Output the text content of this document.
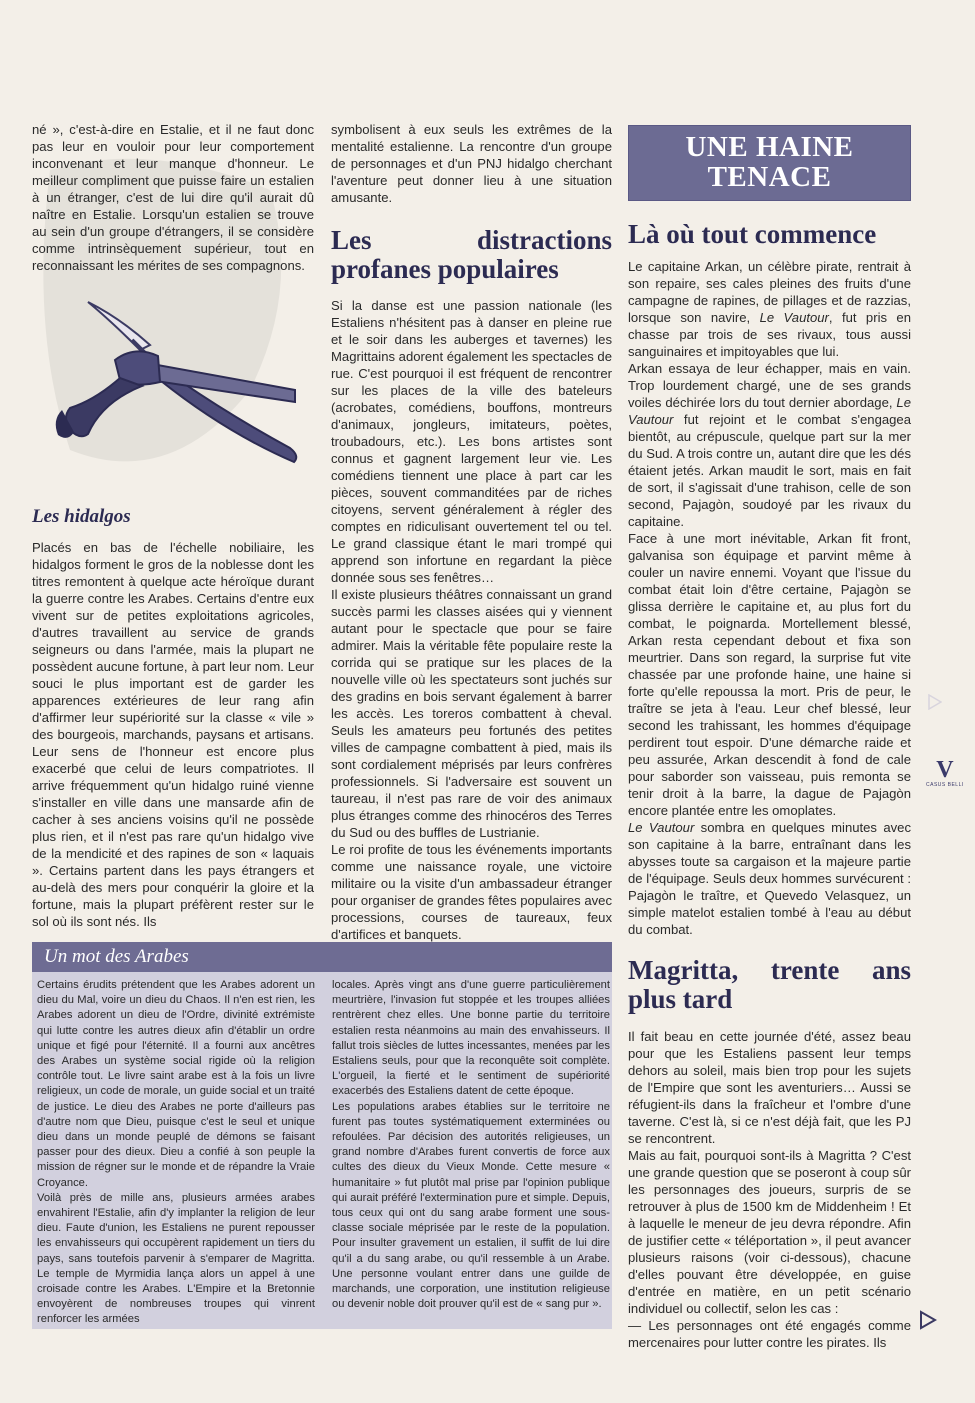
né », c'est-à-dire en Estalie, et il ne faut donc pas leur en vouloir pour leur comportement inconvenant et leur manque d'honneur. Le meilleur compliment que puisse faire un estalien à un étranger, c'est de lui dire qu'il aurait dû naître en Estalie. Lorsqu'un estalien se trouve au sein d'un groupe d'étrangers, il se considère comme intrinsèquement supérieur, tout en reconnaissant les mérites de ses compagnons.

Les hidalgos

Placés en bas de l'échelle nobiliaire, les hidalgos forment le gros de la noblesse dont les titres remontent à quelque acte héroïque durant la guerre contre les Arabes. Certains d'entre eux vivent sur de petites exploitations agricoles, d'autres travaillent au service de grands seigneurs ou dans l'armée, mais la plupart ne possèdent aucune fortune, à part leur nom. Leur souci le plus important est de garder les apparences extérieures de leur rang afin d'affirmer leur supériorité sur la classe « vile » des bourgeois, marchands, paysans et artisans. Leur sens de l'honneur est encore plus exacerbé que celui de leurs compatriotes. Il arrive fréquemment qu'un hidalgo ruiné vienne s'installer en ville dans une mansarde afin de cacher à ses anciens voisins qu'il ne possède plus rien, et il n'est pas rare qu'un hidalgo vive de la mendicité et des rapines de son « laquais ». Certains partent dans les pays étrangers et au-delà des mers pour conquérir la gloire et la fortune, mais la plupart préfèrent rester sur le sol où ils sont nés. Ils

symbolisent à eux seuls les extrêmes de la mentalité estalienne. La rencontre d'un groupe de personnages et d'un PNJ hidalgo cherchant l'aventure peut donner lieu à une situation amusante.

Les distractions profanes populaires

Si la danse est une passion nationale (les Estaliens n'hésitent pas à danser en pleine rue et le soir dans les auberges et tavernes) les Magrittains adorent également les spectacles de rue. C'est pourquoi il est fréquent de rencontrer sur les places de la ville des bateleurs (acrobates, comédiens, bouffons, montreurs d'animaux, jongleurs, imitateurs, poètes, troubadours, etc.). Les bons artistes sont connus et gagnent largement leur vie. Les comédiens tiennent une place à part car les pièces, souvent commanditées par de riches citoyens, servent généralement à régler des comptes en ridiculisant ouvertement tel ou tel. Le grand classique étant le mari trompé qui apprend son infortune en regardant la pièce donnée sous ses fenêtres…

Il existe plusieurs théâtres connaissant un grand succès parmi les classes aisées qui y viennent autant pour le spectacle que pour se faire admirer. Mais la véritable fête populaire reste la corrida qui se pratique sur les places de la nouvelle ville où les spectateurs sont juchés sur des gradins en bois servant également à barrer les accès. Les toreros combattent à cheval. Seuls les amateurs peu fortunés des petites villes de campagne combattent à pied, mais ils sont cordialement méprisés par leurs confrères professionnels. Si l'adversaire est souvent un taureau, il n'est pas rare de voir des animaux plus étranges comme des rhinocéros des Terres du Sud ou des buffles de Lustrianie.

Le roi profite de tous les événements importants comme une naissance royale, une victoire militaire ou la visite d'un ambassadeur étranger pour organiser de grandes fêtes populaires avec processions, courses de taureaux, feux d'artifices et banquets.

UNE HAINE TENACE
Là où tout commence

Le capitaine Arkan, un célèbre pirate, rentrait à son repaire, ses cales pleines des fruits d'une campagne de rapines, de pillages et de razzias, lorsque son navire, Le Vautour, fut pris en chasse par trois de ses rivaux, tous aussi sanguinaires et impitoyables que lui.

Arkan essaya de leur échapper, mais en vain. Trop lourdement chargé, une de ses grands voiles déchirée lors du tout dernier abordage, Le Vautour fut rejoint et le combat s'engagea bientôt, au crépuscule, quelque part sur la mer du Sud. A trois contre un, autant dire que les dés étaient jetés. Arkan maudit le sort, mais en fait de sort, il s'agissait d'une trahison, celle de son second, Pajagòn, soudoyé par les rivaux du capitaine.

Face à une mort inévitable, Arkan fit front, galvanisa son équipage et parvint même à couler un navire ennemi. Voyant que l'issue du combat était loin d'être certaine, Pajagòn se glissa derrière le capitaine et, au plus fort du combat, le poignarda. Mortellement blessé, Arkan resta cependant debout et fixa son meurtrier. Dans son regard, la surprise fut vite chassée par une profonde haine, une haine si forte qu'elle repoussa la mort. Pris de peur, le traître se jeta à l'eau. Leur chef blessé, leur second les trahissant, les hommes d'équipage perdirent tout espoir. D'une démarche raide et peu assurée, Arkan descendit à fond de cale pour saborder son vaisseau, puis remonta se tenir droit à la barre, la dague de Pajagòn encore plantée entre les omoplates.

Le Vautour sombra en quelques minutes avec son capitaine à la barre, entraînant dans les abysses toute sa cargaison et la majeure partie de l'équipage. Seuls deux hommes survécurent : Pajagòn le traître, et Quevedo Velasquez, un simple matelot estalien tombé à l'eau au début du combat.

Magritta, trente ans plus tard

Il fait beau en cette journée d'été, assez beau pour que les Estaliens passent leur temps dehors au soleil, mais bien trop pour les sujets de l'Empire que sont les aventuriers… Aussi se réfugient-ils dans la fraîcheur et l'ombre d'une taverne. C'est là, si ce n'est déjà fait, que les PJ se rencontrent.

Mais au fait, pourquoi sont-ils à Magritta ? C'est une grande question que se poseront à coup sûr les personnages des joueurs, surpris de se retrouver à plus de 1500 km de Middenheim ! Et à laquelle le meneur de jeu devra répondre. Afin de justifier cette « téléportation », il peut avancer plusieurs raisons (voir ci-dessous), chacune d'elles pouvant être développée, en guise d'entrée en matière, en un petit scénario individuel ou collectif, selon les cas :

— Les personnages ont été engagés comme mercenaires pour lutter contre les pirates. Ils

Un mot des Arabes

Certains érudits prétendent que les Arabes adorent un dieu du Mal, voire un dieu du Chaos. Il n'en est rien, les Arabes adorent un dieu de l'Ordre, divinité extrémiste qui lutte contre les autres dieux afin d'établir un ordre unique et figé pour l'éternité. Il a fourni aux ancêtres des Arabes un système social rigide où la religion contrôle tout. Le livre saint arabe est à la fois un livre religieux, un code de morale, un guide social et un traité de justice. Le dieu des Arabes ne porte d'ailleurs pas d'autre nom que Dieu, puisque c'est le seul et unique dieu dans un monde peuplé de démons se faisant passer pour des dieux. Dieu a confié à son peuple la mission de régner sur le monde et de répandre la Vraie Croyance.

Voilà près de mille ans, plusieurs armées arabes envahirent l'Estalie, afin d'y implanter la religion de leur dieu. Faute d'union, les Estaliens ne purent repousser les envahisseurs qui occupèrent rapidement un tiers du pays, sans toutefois parvenir à s'emparer de Magritta. Le temple de Myrmidia lança alors un appel à une croisade contre les Arabes. L'Empire et la Bretonnie envoyèrent de nombreuses troupes qui vinrent renforcer les armées

locales. Après vingt ans d'une guerre particulièrement meurtrière, l'invasion fut stoppée et les troupes alliées rentrèrent chez elles. Une bonne partie du territoire estalien resta néanmoins au main des envahisseurs. Il fallut trois siècles de luttes incessantes, menées par les Estaliens seuls, pour que la reconquête soit complète. L'orgueil, la fierté et le sentiment de supériorité exacerbés des Estaliens datent de cette époque.

Les populations arabes établies sur le territoire ne furent pas toutes systématiquement exterminées ou refoulées. Par décision des autorités religieuses, un grand nombre d'Arabes furent convertis de force aux cultes des dieux du Vieux Monde. Cette mesure « humanitaire » fut plutôt mal prise par l'opinion publique qui aurait préféré l'extermination pure et simple. Depuis, tous ceux qui ont du sang arabe forment une sous-classe sociale méprisée par le reste de la population. Pour insulter gravement un estalien, il suffit de lui dire qu'il a du sang arabe, ou qu'il ressemble à un Arabe. Une personne voulant entrer dans une guilde de marchands, une corporation, une institution religieuse ou devenir noble doit prouver qu'il est de « sang pur ».

V
CASUS BELLI
